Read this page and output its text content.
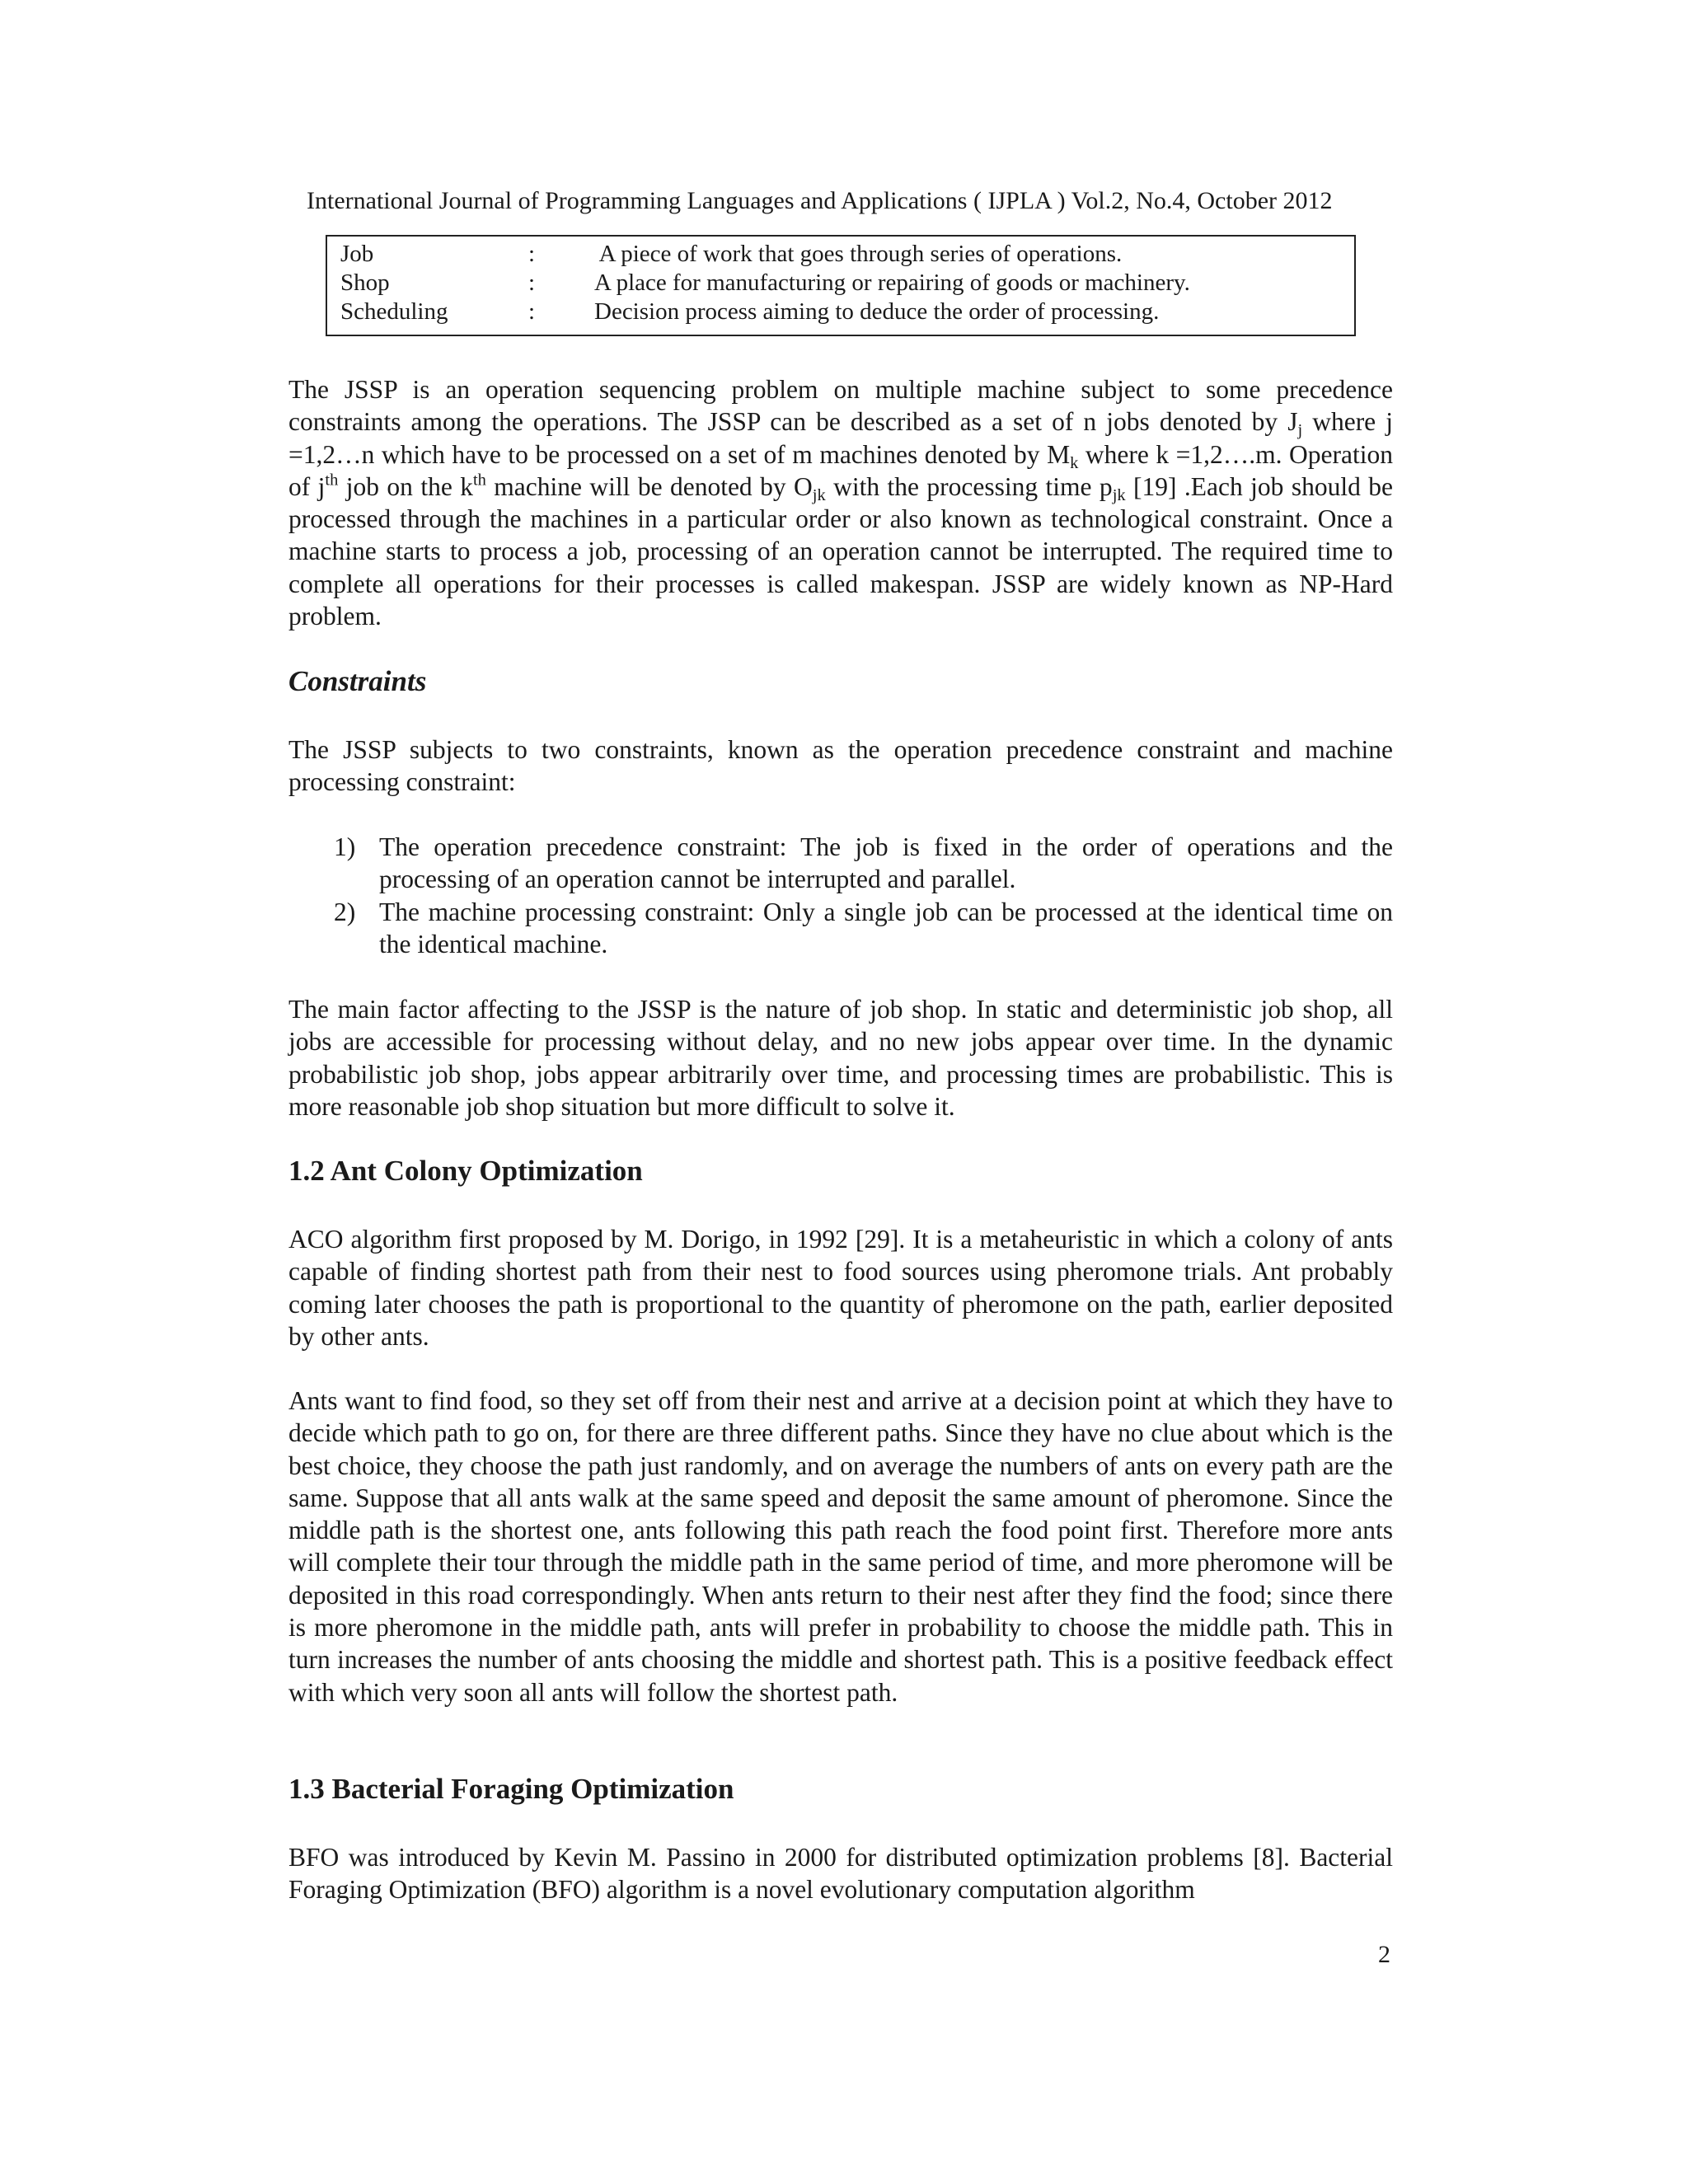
International Journal of Programming Languages and Applications ( IJPLA ) Vol.2, No.4, October 2012
Job	:	A piece of work that goes through series of operations.
Shop	:	A place for manufacturing or repairing of goods or machinery.
Scheduling	:	Decision process aiming to deduce the order of processing.

The JSSP is an operation sequencing problem on multiple machine subject to some precedence constraints among the operations. The JSSP can be described as a set of n jobs denoted by $J_j$ where j =1,2…n which have to be processed on a set of m machines denoted by $M_k$ where k =1,2….m. Operation of $j^{th}$ job on the $k^{th}$ machine will be denoted by $O_{jk}$ with the processing time $p_{jk}$ [19] .Each job should be processed through the machines in a particular order or also known as technological constraint. Once a machine starts to process a job, processing of an operation cannot be interrupted. The required time to complete all operations for their processes is called makespan. JSSP are widely known as NP-Hard problem.

Constraints

The JSSP subjects to two constraints, known as the operation precedence constraint and machine processing constraint:

1) The operation precedence constraint: The job is fixed in the order of operations and the processing of an operation cannot be interrupted and parallel.
2) The machine processing constraint: Only a single job can be processed at the identical time on the identical machine.

The main factor affecting to the JSSP is the nature of job shop. In static and deterministic job shop, all jobs are accessible for processing without delay, and no new jobs appear over time. In the dynamic probabilistic job shop, jobs appear arbitrarily over time, and processing times are probabilistic. This is more reasonable job shop situation but more difficult to solve it.

1.2 Ant Colony Optimization

ACO algorithm first proposed by M. Dorigo, in 1992 [29]. It is a metaheuristic in which a colony of ants capable of finding shortest path from their nest to food sources using pheromone trials. Ant probably coming later chooses the path is proportional to the quantity of pheromone on the path, earlier deposited by other ants.

Ants want to find food, so they set off from their nest and arrive at a decision point at which they have to decide which path to go on, for there are three different paths. Since they have no clue about which is the best choice, they choose the path just randomly, and on average the numbers of ants on every path are the same. Suppose that all ants walk at the same speed and deposit the same amount of pheromone. Since the middle path is the shortest one, ants following this path reach the food point first. Therefore more ants will complete their tour through the middle path in the same period of time, and more pheromone will be deposited in this road correspondingly. When ants return to their nest after they find the food; since there is more pheromone in the middle path, ants will prefer in probability to choose the middle path. This in turn increases the number of ants choosing the middle and shortest path. This is a positive feedback effect with which very soon all ants will follow the shortest path.

1.3 Bacterial Foraging Optimization

BFO was introduced by Kevin M. Passino in 2000 for distributed optimization problems [8]. Bacterial Foraging Optimization (BFO) algorithm is a novel evolutionary computation algorithm

2
